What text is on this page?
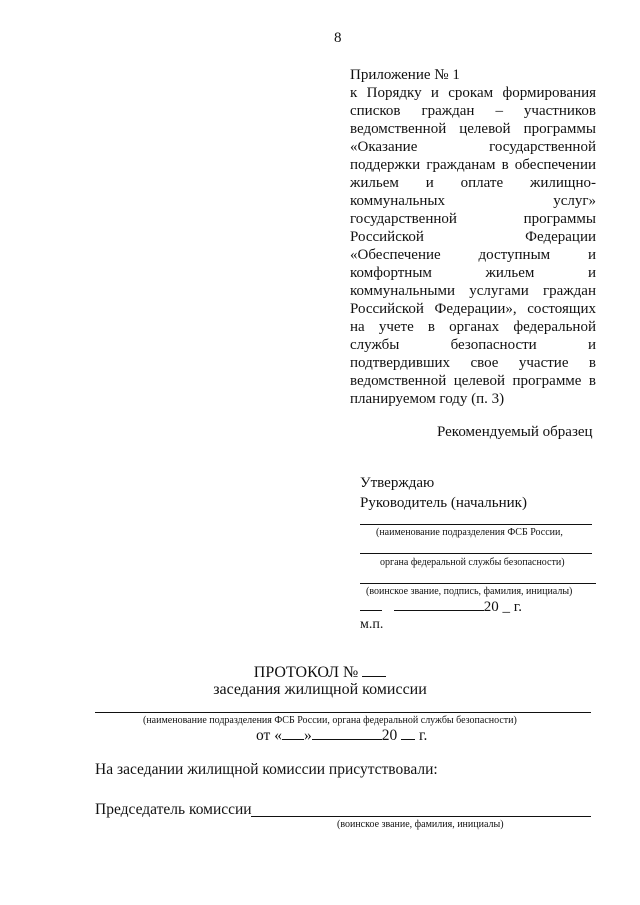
8
Приложение № 1
к Порядку и срокам формирования
списков граждан – участников
ведомственной целевой программы
«Оказание государственной
поддержки гражданам в обеспечении
жильем и оплате жилищно-
коммунальных услуг»
государственной программы
Российской Федерации
«Обеспечение доступным и
комфортным жильем и
коммунальными услугами граждан
Российской Федерации», состоящих
на учете в органах федеральной
службы безопасности и
подтвердивших свое участие в
ведомственной целевой программе в
планируемом году (п. 3)
Рекомендуемый образец
Утверждаю
Руководитель (начальник)
(наименование подразделения ФСБ России,
органа федеральной службы безопасности)
(воинское звание, подпись, фамилия, инициалы)
20 _ г.
м.п.
ПРОТОКОЛ №
заседания жилищной комиссии
(наименование подразделения ФСБ России, органа федеральной службы безопасности)
от « »	20 г.
На заседании жилищной комиссии присутствовали:
Председатель комиссии
(воинское звание, фамилия, инициалы)
